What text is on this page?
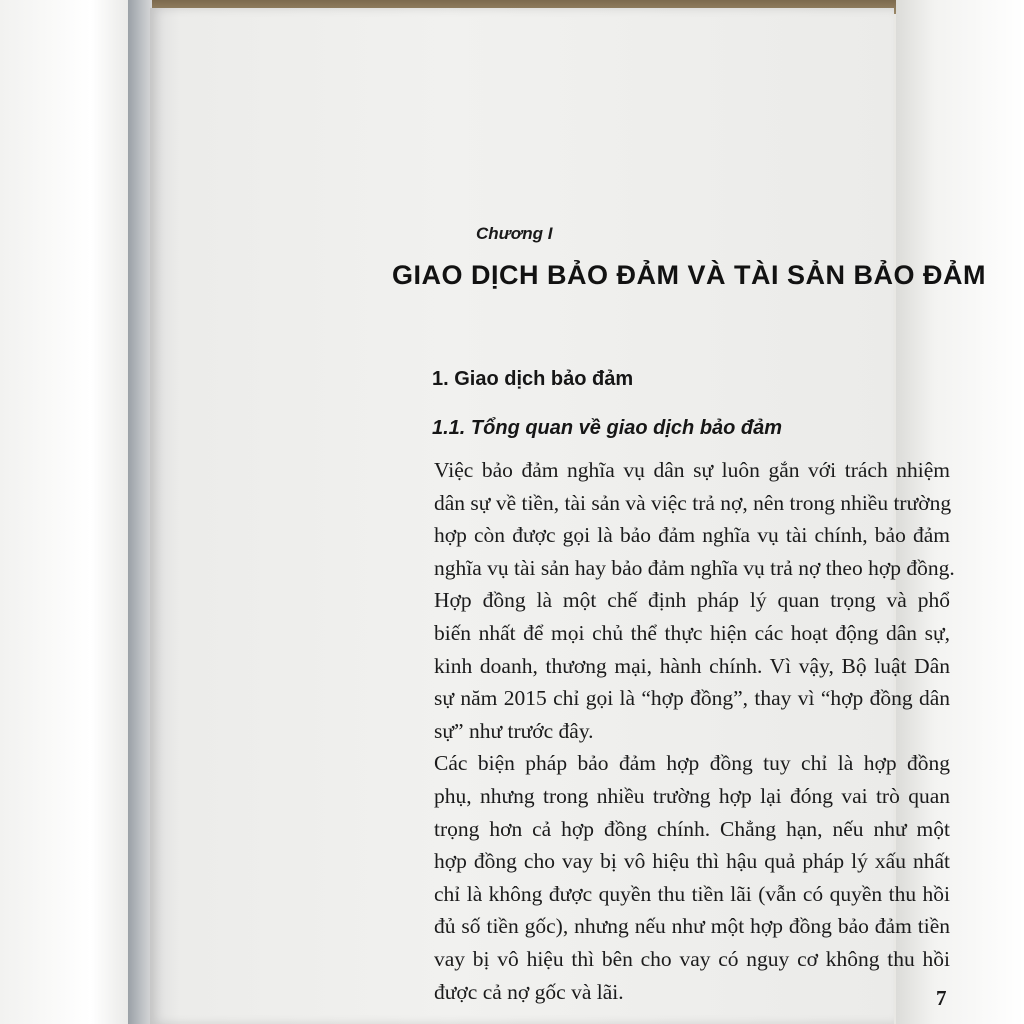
Chương I
GIAO DỊCH BẢO ĐẢM VÀ TÀI SẢN BẢO ĐẢM
1. Giao dịch bảo đảm
1.1. Tổng quan về giao dịch bảo đảm
Việc bảo đảm nghĩa vụ dân sự luôn gắn với trách nhiệm
dân sự về tiền, tài sản và việc trả nợ, nên trong nhiều trường
hợp còn được gọi là bảo đảm nghĩa vụ tài chính, bảo đảm
nghĩa vụ tài sản hay bảo đảm nghĩa vụ trả nợ theo hợp đồng.
Hợp đồng là một chế định pháp lý quan trọng và phổ
biến nhất để mọi chủ thể thực hiện các hoạt động dân sự,
kinh doanh, thương mại, hành chính. Vì vậy, Bộ luật Dân
sự năm 2015 chỉ gọi là “hợp đồng”, thay vì “hợp đồng dân
sự” như trước đây.
Các biện pháp bảo đảm hợp đồng tuy chỉ là hợp đồng
phụ, nhưng trong nhiều trường hợp lại đóng vai trò quan
trọng hơn cả hợp đồng chính. Chẳng hạn, nếu như một
hợp đồng cho vay bị vô hiệu thì hậu quả pháp lý xấu nhất
chỉ là không được quyền thu tiền lãi (vẫn có quyền thu hồi
đủ số tiền gốc), nhưng nếu như một hợp đồng bảo đảm tiền
vay bị vô hiệu thì bên cho vay có nguy cơ không thu hồi
được cả nợ gốc và lãi.	7
